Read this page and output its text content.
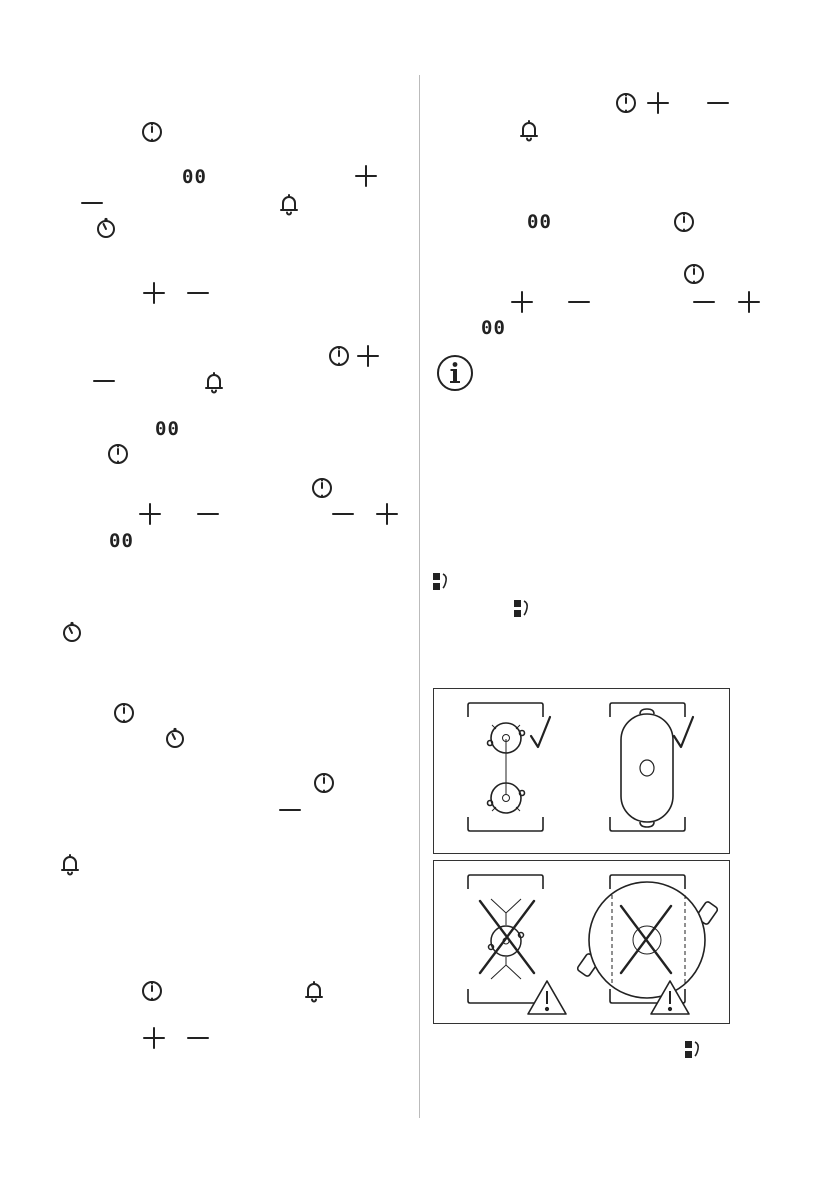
00
00
00
00
00
